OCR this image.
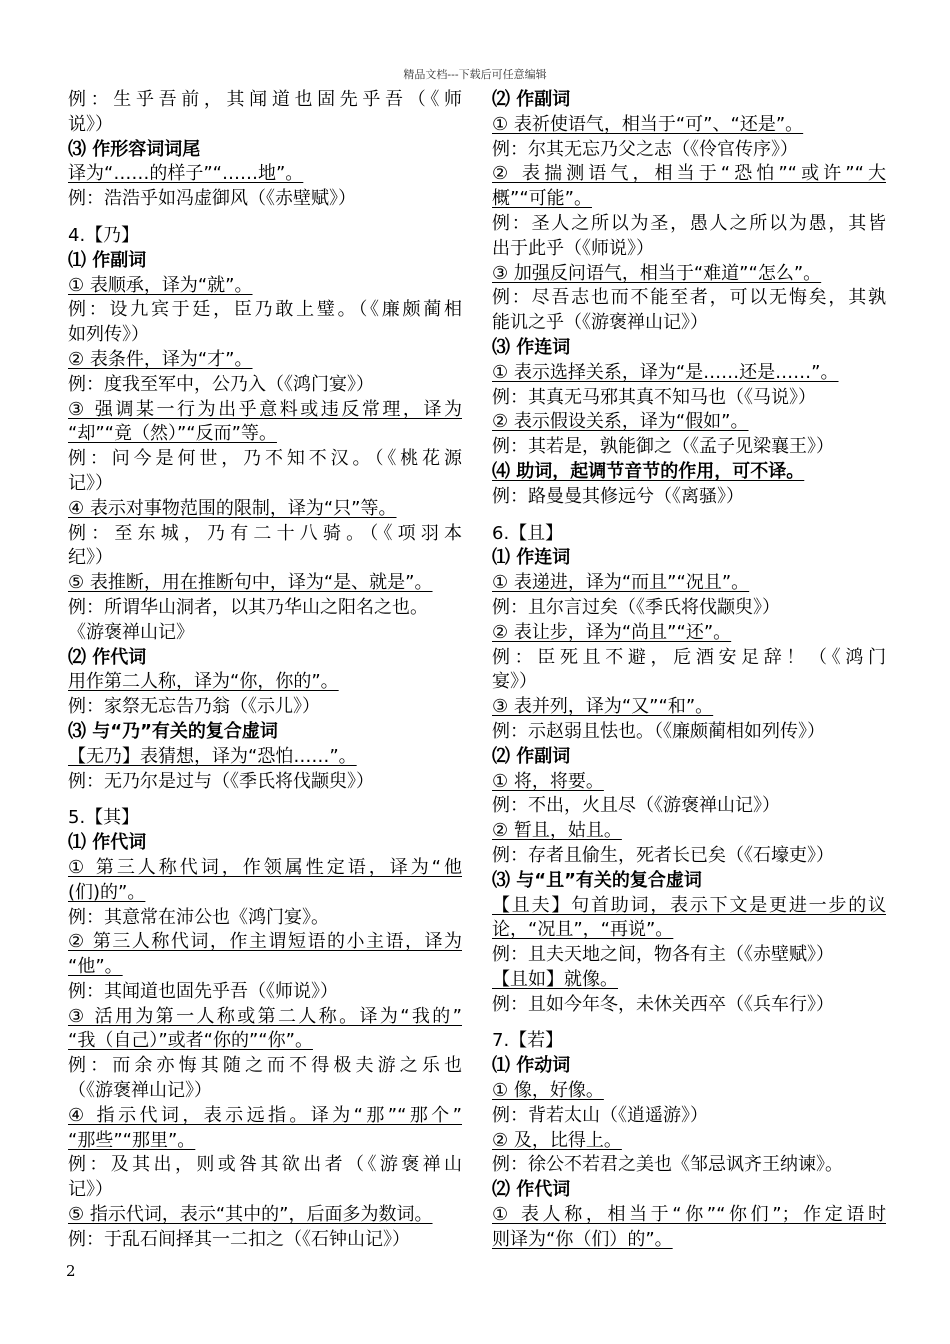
精品文档---下载后可任意编辑
例：生乎吾前，其闻道也固先乎吾（《师
说》）
⑶ 作形容词词尾
译为“……的样子”“……地”。
例：浩浩乎如冯虚御风（《赤壁赋》）
4.【乃】
⑴ 作副词
① 表顺承，译为“就”。
例：设九宾于廷，臣乃敢上璧。（《廉颇蔺相
如列传》）
② 表条件，译为“才”。
例：度我至军中，公乃入（《鸿门宴》）
③ 强调某一行为出乎意料或违反常理，译为
“却”“竟（然）”“反而”等。
例：问今是何世，乃不知不汉。（《桃花源
记》）
④ 表示对事物范围的限制，译为“只”等。
例：至东城，乃有二十八骑。（《项羽本
纪》）
⑤ 表推断，用在推断句中，译为“是、就是”。
例：所谓华山洞者，以其乃华山之阳名之也。
《游褒禅山记》
⑵ 作代词
用作第二人称，译为“你，你的”。
例：家祭无忘告乃翁（《示儿》）
⑶ 与“乃”有关的复合虚词
【无乃】表猜想，译为“恐怕……”。
例：无乃尔是过与（《季氏将伐颛臾》）
5.【其】
⑴ 作代词
① 第三人称代词，作领属性定语，译为“他
(们)的”。
例：其意常在沛公也《鸿门宴》。
② 第三人称代词，作主谓短语的小主语，译为
“他”。
例：其闻道也固先乎吾（《师说》）
③ 活用为第一人称或第二人称。译为“我的”
“我（自己）”或者“你的”“你”。
例：而余亦悔其随之而不得极夫游之乐也
（《游褒禅山记》）
④ 指示代词，表示远指。译为“那”“那个”
“那些”“那里”。
例：及其出，则或咎其欲出者（《游褒禅山
记》）
⑤ 指示代词，表示“其中的”，后面多为数词。
例：于乱石间择其一二扣之（《石钟山记》）
⑵ 作副词
① 表祈使语气，相当于“可”、“还是”。
例：尔其无忘乃父之志（《伶官传序》）
② 表揣测语气，相当于“恐怕”“或许”“大
概”“可能”。
例：圣人之所以为圣，愚人之所以为愚，其皆
出于此乎（《师说》）
③ 加强反问语气，相当于“难道”“怎么”。
例：尽吾志也而不能至者，可以无悔矣，其孰
能讥之乎（《游褒禅山记》）
⑶ 作连词
① 表示选择关系，译为“是……还是……”。
例：其真无马邪其真不知马也（《马说》）
② 表示假设关系，译为“假如”。
例：其若是，孰能御之（《孟子见梁襄王》）
⑷ 助词，起调节音节的作用，可不译。
例：路曼曼其修远兮（《离骚》）
6.【且】
⑴ 作连词
① 表递进，译为“而且”“况且”。
例：且尔言过矣（《季氏将伐颛臾》）
② 表让步，译为“尚且”“还”。
例：臣死且不避，卮酒安足辞！（《鸿门
宴》）
③ 表并列，译为“又”“和”。
例：示赵弱且怯也。（《廉颇蔺相如列传》）
⑵ 作副词
① 将，将要。
例：不出，火且尽（《游褒禅山记》）
② 暂且，姑且。
例：存者且偷生，死者长已矣（《石壕吏》）
⑶ 与“且”有关的复合虚词
【且夫】句首助词，表示下文是更进一步的议
论，“况且”，“再说”。
例：且夫天地之间，物各有主（《赤壁赋》）
【且如】就像。
例：且如今年冬，未休关西卒（《兵车行》）
7.【若】
⑴ 作动词
① 像，好像。
例：背若太山（《逍遥游》）
② 及，比得上。
例：徐公不若君之美也《邹忌讽齐王纳谏》。
⑵ 作代词
① 表人称，相当于“你”“你们”；作定语时
则译为“你（们）的”。
2
